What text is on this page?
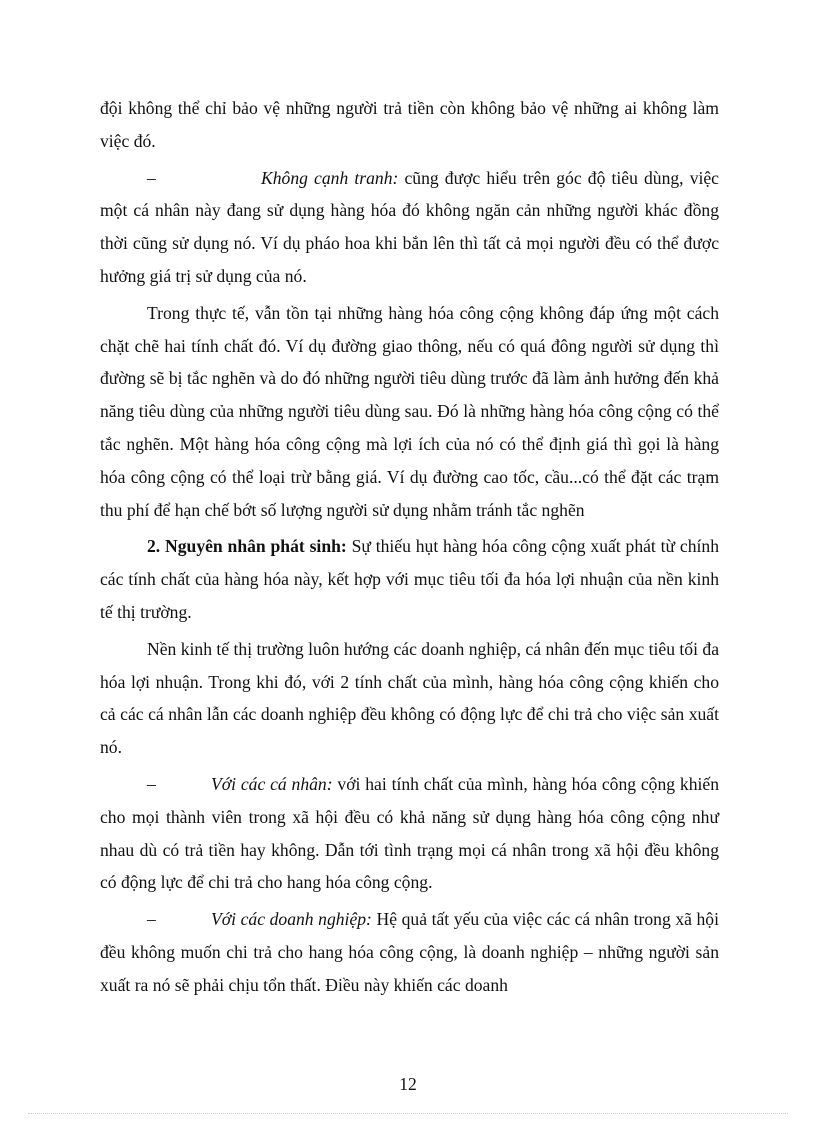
đội không thể chỉ bảo vệ những người trả tiền còn không bảo vệ những ai không làm việc đó.

–	Không cạnh tranh: cũng được hiểu trên góc độ tiêu dùng, việc một cá nhân này đang sử dụng hàng hóa đó không ngăn cản những người khác đồng thời cũng sử dụng nó. Ví dụ pháo hoa khi bắn lên thì tất cả mọi người đều có thể được hưởng giá trị sử dụng của nó.

Trong thực tế, vẫn tồn tại những hàng hóa công cộng không đáp ứng một cách chặt chẽ hai tính chất đó. Ví dụ đường giao thông, nếu có quá đông người sử dụng thì đường sẽ bị tắc nghẽn và do đó những người tiêu dùng trước đã làm ảnh hưởng đến khả năng tiêu dùng của những người tiêu dùng sau. Đó là những hàng hóa công cộng có thể tắc nghẽn. Một hàng hóa công cộng mà lợi ích của nó có thể định giá thì gọi là hàng hóa công cộng có thể loại trừ bằng giá. Ví dụ đường cao tốc, cầu...có thể đặt các trạm thu phí để hạn chế bớt số lượng người sử dụng nhằm tránh tắc nghẽn

2. Nguyên nhân phát sinh: Sự thiếu hụt hàng hóa công cộng xuất phát từ chính các tính chất của hàng hóa này, kết hợp với mục tiêu tối đa hóa lợi nhuận của nền kinh tế thị trường.

Nền kinh tế thị trường luôn hướng các doanh nghiệp, cá nhân đến mục tiêu tối đa hóa lợi nhuận. Trong khi đó, với 2 tính chất của mình, hàng hóa công cộng khiến cho cả các cá nhân lẫn các doanh nghiệp đều không có động lực để chi trả cho việc sản xuất nó.

–	Với các cá nhân: với hai tính chất của mình, hàng hóa công cộng khiến cho mọi thành viên trong xã hội đều có khả năng sử dụng hàng hóa công cộng như nhau dù có trả tiền hay không. Dẫn tới tình trạng mọi cá nhân trong xã hội đều không có động lực để chi trả cho hang hóa công cộng.

–	Với các doanh nghiệp: Hệ quả tất yếu của việc các cá nhân trong xã hội đều không muốn chi trả cho hang hóa công cộng, là doanh nghiệp – những người sản xuất ra nó sẽ phải chịu tổn thất. Điều này khiến các doanh

12
